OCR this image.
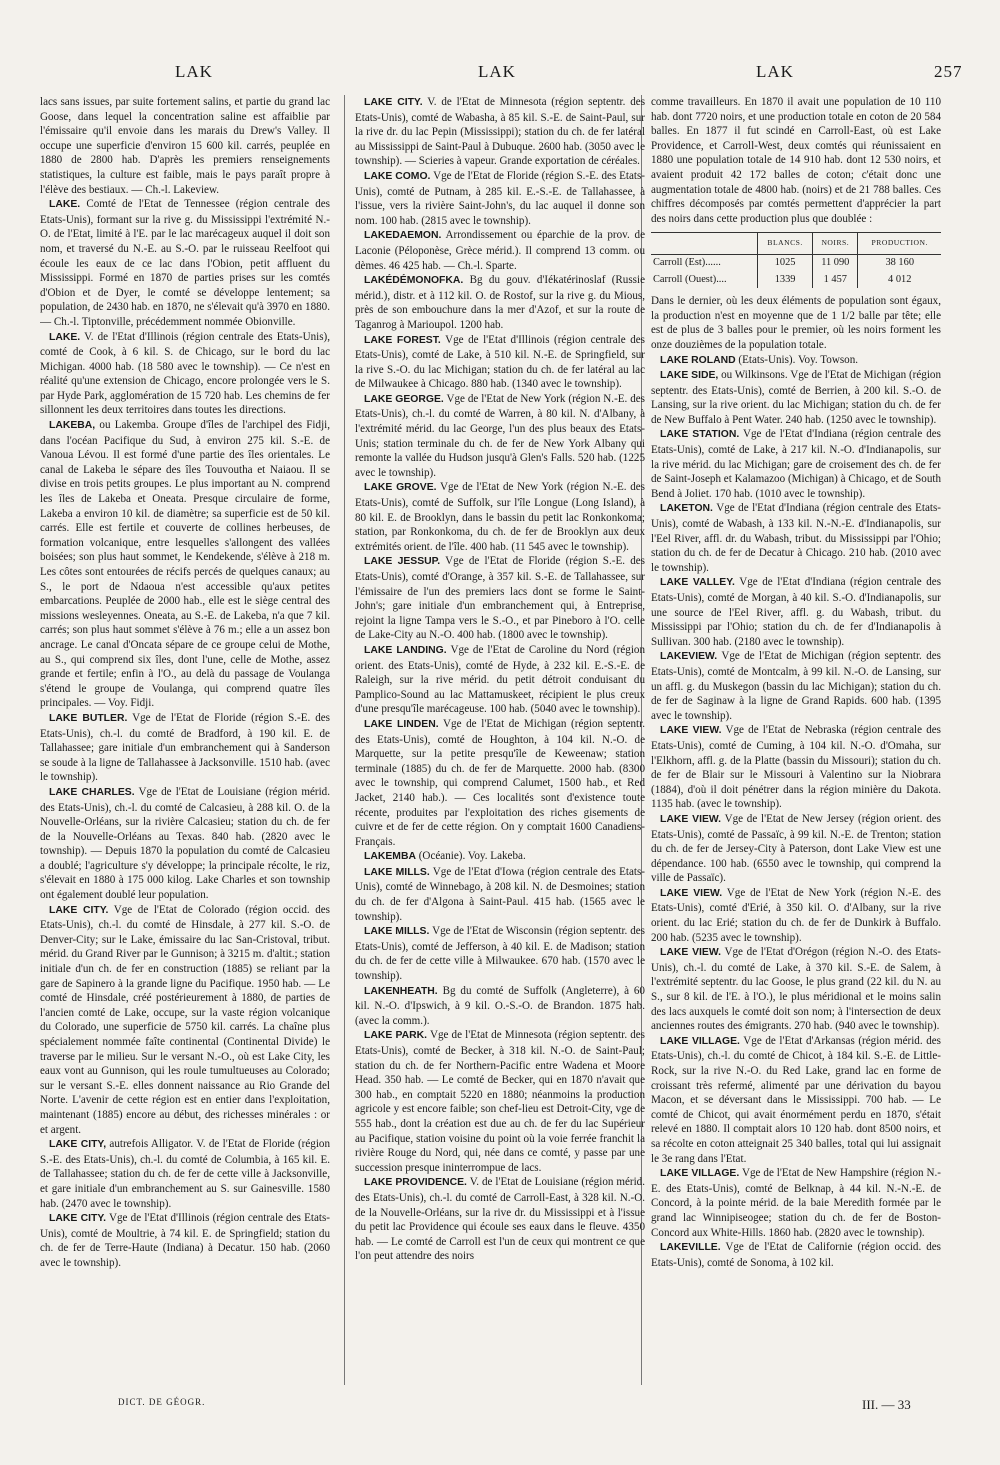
LAK	LAK	LAK	257

lacs sans issues, par suite fortement salins, et partie du grand lac Goose, dans lequel la concentration saline est affaiblie par l'émissaire qu'il envoie dans les marais du Drew's Valley. Il occupe une superficie d'environ 15 600 kil. carrés, peuplée en 1880 de 2800 hab. D'après les premiers renseignements statistiques, la culture est faible, mais le pays paraît propre à l'élève des bestiaux. — Ch.-l. Lakeview.

LAKE. Comté de l'Etat de Tennessee (région centrale des Etats-Unis), formant sur la rive g. du Mississippi l'extrémité N.-O. de l'Etat, limité à l'E. par le lac marécageux auquel il doit son nom, et traversé du N.-E. au S.-O. par le ruisseau Reelfoot qui écoule les eaux de ce lac dans l'Obion, petit affluent du Mississippi. Formé en 1870 de parties prises sur les comtés d'Obion et de Dyer, le comté se développe lentement; sa population, de 2430 hab. en 1870, ne s'élevait qu'à 3970 en 1880. — Ch.-l. Tiptonville, précédemment nommée Obionville.

LAKE. V. de l'Etat d'Illinois (région centrale des Etats-Unis), comté de Cook, à 6 kil. S. de Chicago, sur le bord du lac Michigan. 4000 hab. (18 580 avec le township). — Ce n'est en réalité qu'une extension de Chicago, encore prolongée vers le S. par Hyde Park, agglomération de 15 720 hab. Les chemins de fer sillonnent les deux territoires dans toutes les directions.

LAKEBA, ou Lakemba. Groupe d'îles de l'archipel des Fidji, dans l'océan Pacifique du Sud, à environ 275 kil. S.-E. de Vanoua Lévou. Il est formé d'une partie des îles orientales. Le canal de Lakeba le sépare des îles Touvoutha et Naiaou. Il se divise en trois petits groupes. Le plus important au N. comprend les îles de Lakeba et Oneata. Presque circulaire de forme, Lakeba a environ 10 kil. de diamètre; sa superficie est de 50 kil. carrés. Elle est fertile et couverte de collines herbeuses, de formation volcanique, entre lesquelles s'allongent des vallées boisées; son plus haut sommet, le Kendekende, s'élève à 218 m. Les côtes sont entourées de récifs percés de quelques canaux; au S., le port de Ndaoua n'est accessible qu'aux petites embarcations. Peuplée de 2000 hab., elle est le siège central des missions wesleyennes. Oneata, au S.-E. de Lakeba, n'a que 7 kil. carrés; son plus haut sommet s'élève à 76 m.; elle a un assez bon ancrage. Le canal d'Oncata sépare de ce groupe celui de Mothe, au S., qui comprend six îles, dont l'une, celle de Mothe, assez grande et fertile; enfin à l'O., au delà du passage de Voulanga s'étend le groupe de Voulanga, qui comprend quatre îles principales. — Voy. Fidji.

LAKE BUTLER. Vge de l'Etat de Floride (région S.-E. des Etats-Unis), ch.-l. du comté de Bradford, à 190 kil. E. de Tallahassee; gare initiale d'un embranchement qui à Sanderson se soude à la ligne de Tallahassee à Jacksonville. 1510 hab. (avec le township).

LAKE CHARLES. Vge de l'Etat de Louisiane (région mérid. des Etats-Unis), ch.-l. du comté de Calcasieu, à 288 kil. O. de la Nouvelle-Orléans, sur la rivière Calcasieu; station du ch. de fer de la Nouvelle-Orléans au Texas. 840 hab. (2820 avec le township). — Depuis 1870 la population du comté de Calcasieu a doublé; l'agriculture s'y développe; la principale récolte, le riz, s'élevait en 1880 à 175 000 kilog. Lake Charles et son township ont également doublé leur population.

LAKE CITY. Vge de l'Etat de Colorado (région occid. des Etats-Unis), ch.-l. du comté de Hinsdale, à 277 kil. S.-O. de Denver-City; sur le Lake, émissaire du lac San-Cristoval, tribut. mérid. du Grand River par le Gunnison; à 3215 m. d'altit.; station initiale d'un ch. de fer en construction (1885) se reliant par la gare de Sapinero à la grande ligne du Pacifique. 1950 hab. — Le comté de Hinsdale, créé postérieurement à 1880, de parties de l'ancien comté de Lake, occupe, sur la vaste région volcanique du Colorado, une superficie de 5750 kil. carrés. La chaîne plus spécialement nommée faîte continental (Continental Divide) le traverse par le milieu. Sur le versant N.-O., où est Lake City, les eaux vont au Gunnison, qui les roule tumultueuses au Colorado; sur le versant S.-E. elles donnent naissance au Rio Grande del Norte. L'avenir de cette région est en entier dans l'exploitation, maintenant (1885) encore au début, des richesses minérales : or et argent.

LAKE CITY, autrefois Alligator. V. de l'Etat de Floride (région S.-E. des Etats-Unis), ch.-l. du comté de Columbia, à 165 kil. E. de Tallahassee; station du ch. de fer de cette ville à Jacksonville, et gare initiale d'un embranchement au S. sur Gainesville. 1580 hab. (2470 avec le township).

LAKE CITY. Vge de l'Etat d'Illinois (région centrale des Etats-Unis), comté de Moultrie, à 74 kil. E. de Springfield; station du ch. de fer de Terre-Haute (Indiana) à Decatur. 150 hab. (2060 avec le township).

LAKE CITY. V. de l'Etat de Minnesota (région septentr. des Etats-Unis), comté de Wabasha, à 85 kil. S.-E. de Saint-Paul, sur la rive dr. du lac Pepin (Mississippi); station du ch. de fer latéral au Mississippi de Saint-Paul à Dubuque. 2600 hab. (3050 avec le township). — Scieries à vapeur. Grande exportation de céréales.

LAKE COMO. Vge de l'Etat de Floride (région S.-E. des Etats-Unis), comté de Putnam, à 285 kil. E.-S.-E. de Tallahassee, à l'issue, vers la rivière Saint-John's, du lac auquel il donne son nom. 100 hab. (2815 avec le township).

LAKEDAEMON. Arrondissement ou éparchie de la prov. de Laconie (Péloponèse, Grèce mérid.). Il comprend 13 comm. ou dèmes. 46 425 hab. — Ch.-l. Sparte.

LAKÉDÉMONOFKA. Bg du gouv. d'Iékatérinoslaf (Russie mérid.), distr. et à 112 kil. O. de Rostof, sur la rive g. du Mious, près de son embouchure dans la mer d'Azof, et sur la route de Taganrog à Marioupol. 1200 hab.

LAKE FOREST. Vge de l'Etat d'Illinois (région centrale des Etats-Unis), comté de Lake, à 510 kil. N.-E. de Springfield, sur la rive S.-O. du lac Michigan; station du ch. de fer latéral au lac de Milwaukee à Chicago. 880 hab. (1340 avec le township).

LAKE GEORGE. Vge de l'Etat de New York (région N.-E. des Etats-Unis), ch.-l. du comté de Warren, à 80 kil. N. d'Albany, à l'extrémité mérid. du lac George, l'un des plus beaux des Etats-Unis; station terminale du ch. de fer de New York Albany qui remonte la vallée du Hudson jusqu'à Glen's Falls. 520 hab. (1225 avec le township).

LAKE GROVE. Vge de l'Etat de New York (région N.-E. des Etats-Unis), comté de Suffolk, sur l'île Longue (Long Island), à 80 kil. E. de Brooklyn, dans le bassin du petit lac Ronkonkoma; station, par Ronkonkoma, du ch. de fer de Brooklyn aux deux extrémités orient. de l'île. 400 hab. (11 545 avec le township).

LAKE JESSUP. Vge de l'Etat de Floride (région S.-E. des Etats-Unis), comté d'Orange, à 357 kil. S.-E. de Tallahassee, sur l'émissaire de l'un des premiers lacs dont se forme le Saint-John's; gare initiale d'un embranchement qui, à Entreprise, rejoint la ligne Tampa vers le S.-O., et par Pineboro à l'O. celle de Lake-City au N.-O. 400 hab. (1800 avec le township).

LAKE LANDING. Vge de l'Etat de Caroline du Nord (région orient. des Etats-Unis), comté de Hyde, à 232 kil. E.-S.-E. de Raleigh, sur la rive mérid. du petit détroit conduisant du Pamplico-Sound au lac Mattamuskeet, récipient le plus creux d'une presqu'île marécageuse. 100 hab. (5040 avec le township).

LAKE LINDEN. Vge de l'Etat de Michigan (région septentr. des Etats-Unis), comté de Houghton, à 104 kil. N.-O. de Marquette, sur la petite presqu'île de Keweenaw; station terminale (1885) du ch. de fer de Marquette. 2000 hab. (8300 avec le township, qui comprend Calumet, 1500 hab., et Red Jacket, 2140 hab.). — Ces localités sont d'existence toute récente, produites par l'exploitation des riches gisements de cuivre et de fer de cette région. On y comptait 1600 Canadiens-Français.

LAKEMBA (Océanie). Voy. Lakeba.

LAKE MILLS. Vge de l'Etat d'Iowa (région centrale des Etats-Unis), comté de Winnebago, à 208 kil. N. de Desmoines; station du ch. de fer d'Algona à Saint-Paul. 415 hab. (1565 avec le township).

LAKE MILLS. Vge de l'Etat de Wisconsin (région septentr. des Etats-Unis), comté de Jefferson, à 40 kil. E. de Madison; station du ch. de fer de cette ville à Milwaukee. 670 hab. (1570 avec le township).

LAKENHEATH. Bg du comté de Suffolk (Angleterre), à 60 kil. N.-O. d'Ipswich, à 9 kil. O.-S.-O. de Brandon. 1875 hab. (avec la comm.).

LAKE PARK. Vge de l'Etat de Minnesota (région septentr. des Etats-Unis), comté de Becker, à 318 kil. N.-O. de Saint-Paul; station du ch. de fer Northern-Pacific entre Wadena et Moore Head. 350 hab. — Le comté de Becker, qui en 1870 n'avait que 300 hab., en comptait 5220 en 1880; néanmoins la production agricole y est encore faible; son chef-lieu est Detroit-City, vge de 555 hab., dont la création est due au ch. de fer du lac Supérieur au Pacifique, station voisine du point où la voie ferrée franchit la rivière Rouge du Nord, qui, née dans ce comté, y passe par une succession presque ininterrompue de lacs.

LAKE PROVIDENCE. V. de l'Etat de Louisiane (région mérid. des Etats-Unis), ch.-l. du comté de Carroll-East, à 328 kil. N.-O. de la Nouvelle-Orléans, sur la rive dr. du Mississippi et à l'issue du petit lac Providence qui écoule ses eaux dans le fleuve. 4350 hab. — Le comté de Carroll est l'un de ceux qui montrent ce que l'on peut attendre des noirs

comme travailleurs. En 1870 il avait une population de 10 110 hab. dont 7720 noirs, et une production totale en coton de 20 584 balles. En 1877 il fut scindé en Carroll-East, où est Lake Providence, et Carroll-West, deux comtés qui réunissaient en 1880 une population totale de 14 910 hab. dont 12 530 noirs, et avaient produit 42 172 balles de coton; c'était donc une augmentation totale de 4800 hab. (noirs) et de 21 788 balles. Ces chiffres décomposés par comtés permettent d'apprécier la part des noirs dans cette production plus que doublée :

	BLANCS.	NOIRS.	PRODUCTION.
Carroll (Est)......	1025	11 090	38 160
Carroll (Ouest)....	1339	1 457	4 012

Dans le dernier, où les deux éléments de population sont égaux, la production n'est en moyenne que de 1 1/2 balle par tête; elle est de plus de 3 balles pour le premier, où les noirs forment les onze douzièmes de la population totale.

LAKE ROLAND (Etats-Unis). Voy. Towson.

LAKE SIDE, ou Wilkinsons. Vge de l'Etat de Michigan (région septentr. des Etats-Unis), comté de Berrien, à 200 kil. S.-O. de Lansing, sur la rive orient. du lac Michigan; station du ch. de fer de New Buffalo à Pent Water. 240 hab. (1250 avec le township).

LAKE STATION. Vge de l'Etat d'Indiana (région centrale des Etats-Unis), comté de Lake, à 217 kil. N.-O. d'Indianapolis, sur la rive mérid. du lac Michigan; gare de croisement des ch. de fer de Saint-Joseph et Kalamazoo (Michigan) à Chicago, et de South Bend à Joliet. 170 hab. (1010 avec le township).

LAKETON. Vge de l'Etat d'Indiana (région centrale des Etats-Unis), comté de Wabash, à 133 kil. N.-N.-E. d'Indianapolis, sur l'Eel River, affl. dr. du Wabash, tribut. du Mississippi par l'Ohio; station du ch. de fer de Decatur à Chicago. 210 hab. (2010 avec le township).

LAKE VALLEY. Vge de l'Etat d'Indiana (région centrale des Etats-Unis), comté de Morgan, à 40 kil. S.-O. d'Indianapolis, sur une source de l'Eel River, affl. g. du Wabash, tribut. du Mississippi par l'Ohio; station du ch. de fer d'Indianapolis à Sullivan. 300 hab. (2180 avec le township).

LAKEVIEW. Vge de l'Etat de Michigan (région septentr. des Etats-Unis), comté de Montcalm, à 99 kil. N.-O. de Lansing, sur un affl. g. du Muskegon (bassin du lac Michigan); station du ch. de fer de Saginaw à la ligne de Grand Rapids. 600 hab. (1395 avec le township).

LAKE VIEW. Vge de l'Etat de Nebraska (région centrale des Etats-Unis), comté de Cuming, à 104 kil. N.-O. d'Omaha, sur l'Elkhorn, affl. g. de la Platte (bassin du Missouri); station du ch. de fer de Blair sur le Missouri à Valentino sur la Niobrara (1884), d'où il doit pénétrer dans la région minière du Dakota. 1135 hab. (avec le township).

LAKE VIEW. Vge de l'Etat de New Jersey (région orient. des Etats-Unis), comté de Passaïc, à 99 kil. N.-E. de Trenton; station du ch. de fer de Jersey-City à Paterson, dont Lake View est une dépendance. 100 hab. (6550 avec le township, qui comprend la ville de Passaïc).

LAKE VIEW. Vge de l'Etat de New York (région N.-E. des Etats-Unis), comté d'Erié, à 350 kil. O. d'Albany, sur la rive orient. du lac Erié; station du ch. de fer de Dunkirk à Buffalo. 200 hab. (5235 avec le township).

LAKE VIEW. Vge de l'Etat d'Orégon (région N.-O. des Etats-Unis), ch.-l. du comté de Lake, à 370 kil. S.-E. de Salem, à l'extrémité septentr. du lac Goose, le plus grand (22 kil. du N. au S., sur 8 kil. de l'E. à l'O.), le plus méridional et le moins salin des lacs auxquels le comté doit son nom; à l'intersection de deux anciennes routes des émigrants. 270 hab. (940 avec le township).

LAKE VILLAGE. Vge de l'Etat d'Arkansas (région mérid. des Etats-Unis), ch.-l. du comté de Chicot, à 184 kil. S.-E. de Little-Rock, sur la rive N.-O. du Red Lake, grand lac en forme de croissant très refermé, alimenté par une dérivation du bayou Macon, et se déversant dans le Mississippi. 700 hab. — Le comté de Chicot, qui avait énormément perdu en 1870, s'était relevé en 1880. Il comptait alors 10 120 hab. dont 8500 noirs, et sa récolte en coton atteignait 25 340 balles, total qui lui assignait le 3e rang dans l'Etat.

LAKE VILLAGE. Vge de l'Etat de New Hampshire (région N.-E. des Etats-Unis), comté de Belknap, à 44 kil. N.-N.-E. de Concord, à la pointe mérid. de la baie Meredith formée par le grand lac Winnipiseogee; station du ch. de fer de Boston-Concord aux White-Hills. 1860 hab. (2820 avec le township).

LAKEVILLE. Vge de l'Etat de Californie (région occid. des Etats-Unis), comté de Sonoma, à 102 kil.

DICT. DE GÉOGR.	III. — 33
